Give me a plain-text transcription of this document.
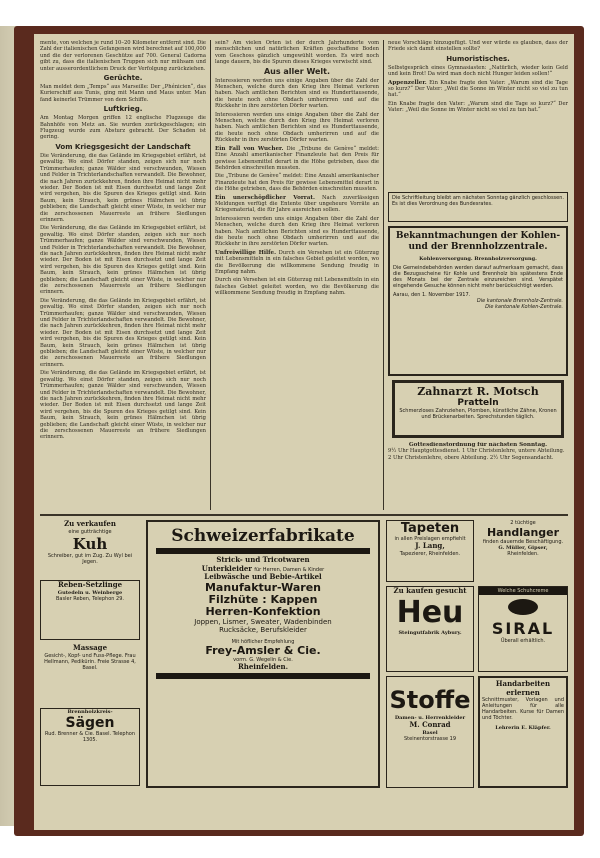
mente, von welchen je rund 10–20 Kilometer entfernt sind. Die Zahl der italienischen Gefangenen wird berechnet auf 100,000 und die der verlorenen Geschütze auf 700. General Cadorna gibt zu, dass die italienischen Truppen sich nur mühsam und unter ausserordentlichem Druck der Verfolgung zurückziehen.

Gerüchte.

Man meldet dem „Temps“ aus Marseille: Der „Phénicien“, das Kurierschiff aus Tunis, ging mit Mann und Maus unter. Man fand keinerlei Trümmer von dem Schiffe.

Luftkrieg.

Am Montag Morgen griffen 12 englische Flugzeuge die Bahnhöfe von Metz an. Sie wurden zurückgeschlagen; ein Flugzeug wurde zum Absturz gebracht. Der Schaden ist gering.

Vom Kriegsgesicht der Landschaft

Die Veränderung, die das Gelände im Kriegsgebiet erfährt, ist gewaltig. Wo einst Dörfer standen, zeigen sich nur noch Trümmerhaufen; ganze Wälder sind verschwunden, Wiesen und Felder in Trichterlandschaften verwandelt. Die Bewohner, die nach Jahren zurückkehren, finden ihre Heimat nicht mehr wieder. Der Boden ist mit Eisen durchsetzt und lange Zeit wird vergehen, bis die Spuren des Krieges getilgt sind. Kein Baum, kein Strauch, kein grünes Hälmchen ist übrig geblieben; die Landschaft gleicht einer Wüste, in welcher nur die zerschossenen Mauerreste an frühere Siedlungen erinnern.

Die Veränderung, die das Gelände im Kriegsgebiet erfährt, ist gewaltig. Wo einst Dörfer standen, zeigen sich nur noch Trümmerhaufen; ganze Wälder sind verschwunden, Wiesen und Felder in Trichterlandschaften verwandelt. Die Bewohner, die nach Jahren zurückkehren, finden ihre Heimat nicht mehr wieder. Der Boden ist mit Eisen durchsetzt und lange Zeit wird vergehen, bis die Spuren des Krieges getilgt sind. Kein Baum, kein Strauch, kein grünes Hälmchen ist übrig geblieben; die Landschaft gleicht einer Wüste, in welcher nur die zerschossenen Mauerreste an frühere Siedlungen erinnern.

Die Veränderung, die das Gelände im Kriegsgebiet erfährt, ist gewaltig. Wo einst Dörfer standen, zeigen sich nur noch Trümmerhaufen; ganze Wälder sind verschwunden, Wiesen und Felder in Trichterlandschaften verwandelt. Die Bewohner, die nach Jahren zurückkehren, finden ihre Heimat nicht mehr wieder. Der Boden ist mit Eisen durchsetzt und lange Zeit wird vergehen, bis die Spuren des Krieges getilgt sind. Kein Baum, kein Strauch, kein grünes Hälmchen ist übrig geblieben; die Landschaft gleicht einer Wüste, in welcher nur die zerschossenen Mauerreste an frühere Siedlungen erinnern.

Die Veränderung, die das Gelände im Kriegsgebiet erfährt, ist gewaltig. Wo einst Dörfer standen, zeigen sich nur noch Trümmerhaufen; ganze Wälder sind verschwunden, Wiesen und Felder in Trichterlandschaften verwandelt. Die Bewohner, die nach Jahren zurückkehren, finden ihre Heimat nicht mehr wieder. Der Boden ist mit Eisen durchsetzt und lange Zeit wird vergehen, bis die Spuren des Krieges getilgt sind. Kein Baum, kein Strauch, kein grünes Hälmchen ist übrig geblieben; die Landschaft gleicht einer Wüste, in welcher nur die zerschossenen Mauerreste an frühere Siedlungen erinnern.

sein? Am vielen Orten ist der durch Jahrhunderte vom menschlichen und natürlichen Kräften geschaffene Boden vom Geschoss gänzlich umgewühlt worden. Es wird noch lange dauern, bis die Spuren dieses Krieges verwischt sind.

Aus aller Welt.

Interessieren werden uns einige Angaben über die Zahl der Menschen, welche durch den Krieg ihre Heimat verloren haben. Nach amtlichen Berichten sind es Hunderttausende, die heute noch ohne Obdach umherirren und auf die Rückkehr in ihre zerstörten Dörfer warten.

Interessieren werden uns einige Angaben über die Zahl der Menschen, welche durch den Krieg ihre Heimat verloren haben. Nach amtlichen Berichten sind es Hunderttausende, die heute noch ohne Obdach umherirren und auf die Rückkehr in ihre zerstörten Dörfer warten.

Ein Fall von Wucher. Die „Tribune de Genève“ meldet: Eine Anzahl amerikanischer Finanzleute hat den Preis für gewisse Lebensmittel derart in die Höhe getrieben, dass die Behörden einschreiten mussten.

Die „Tribune de Genève“ meldet: Eine Anzahl amerikanischer Finanzleute hat den Preis für gewisse Lebensmittel derart in die Höhe getrieben, dass die Behörden einschreiten mussten.

Ein unerschöpflicher Vorrat. Nach zuverlässigen Meldungen verfügt die Entente über ungeheure Vorräte an Kriegsmaterial, die für Jahre ausreichen sollen.

Interessieren werden uns einige Angaben über die Zahl der Menschen, welche durch den Krieg ihre Heimat verloren haben. Nach amtlichen Berichten sind es Hunderttausende, die heute noch ohne Obdach umherirren und auf die Rückkehr in ihre zerstörten Dörfer warten.

Unfreiwillige Hilfe. Durch ein Versehen ist ein Güterzug mit Lebensmitteln in ein falsches Gebiet geleitet worden, wo die Bevölkerung die willkommene Sendung freudig in Empfang nahm.

Durch ein Versehen ist ein Güterzug mit Lebensmitteln in ein falsches Gebiet geleitet worden, wo die Bevölkerung die willkommene Sendung freudig in Empfang nahm.

neue Vorschläge hinzugefügt. Und wer würde es glauben, dass der Friede sich damit einstellen sollte?

Humoristisches.

Selbstgespräch eines Gymnasiasten: „Natürlich, wieder kein Geld und kein Brot! Da wird man doch nicht Hunger leiden sollen!“

Appenzeller. Ein Knabe fragte den Vater: „Warum sind die Tage so kurz?“ Der Vater: „Weil die Sonne im Winter nicht so viel zu tun hat.“

Ein Knabe fragte den Vater: „Warum sind die Tage so kurz?“ Der Vater: „Weil die Sonne im Winter nicht so viel zu tun hat.“

Die Schriftleitung bleibt am nächsten Sonntag gänzlich geschlossen. Es ist dies Verordnung des Bundesrates.
Bekanntmachungen der Kohlen- und der Brennholzzentrale.
Kohlenversorgung. Brennholzversorgung.
Die Gemeindebehörden werden darauf aufmerksam gemacht, dass die Bezugsscheine für Kohle und Brennholz bis spätestens Ende des Monats bei der Zentrale einzureichen sind. Verspätet eingehende Gesuche können nicht mehr berücksichtigt werden.
Aarau, den 1. November 1917.
Die kantonale Brennholz-Zentrale.
Die kantonale Kohlen-Zentrale.
Zahnarzt R. Motsch
Pratteln
Schmerzloses Zahnziehen, Plomben, künstliche Zähne, Kronen und Brückenarbeiten. Sprechstunden täglich.
Gottesdienstordnung für nächsten Sonntag.

9½ Uhr Hauptgottesdienst. 1 Uhr Christenlehre, untere Abteilung. 2 Uhr Christenlehre, obere Abteilung. 2½ Uhr Segensandacht.

Zu verkaufen
eine gutträchtige
Kuh
Schreiber, gut im Zug. Zu Wyl bei Jegen.
Reben-Setzlinge
Gutedeln u. Weinberge
Basler Reben, Telephon 29.
Massage
Gesicht-, Kopf- und Fuss-Pflege. Frau Hellmann, Pedikürin. Freie Strasse 4, Basel.
Brennholzkreis-
Sägen
Rud. Brenner & Cie. Basel. Telephon 1305.
Schweizerfabrikate
Strick- und Tricotwaren
Unterkleider für Herren, Damen & Kinder
Leibwäsche und Bebie-Artikel
Manufaktur-Waren
Filzhüte : Kappen
Herren-Konfektion
Joppen, Lismer, Sweater, Wadenbinden
Rucksäcke, Berufskleider
Mit höflicher Empfehlung
Frey-Amsler & Cie.
vorm. G. Wegelin & Cie.
Rheinfelden.
Tapeten
in allen Preislagen empfiehlt
J. Lang,
Tapezierer, Rheinfelden.
2 tüchtige
Handlanger
finden dauernde Beschäftigung.
G. Müller, Gipser,
Rheinfelden.
Zu kaufen gesucht
Heu
Steingutfabrik Aybury.
Welche Schuhcreme
SIRAL
Überall erhältlich.
Stoffe
Damen- u. Herrenkleider
M. Conrad
Basel
Steinentorstrasse 19
Handarbeiten erlernen
Schnittmuster, Vorlagen und Anleitungen für alle Handarbeiten. Kurse für Damen und Töchter.
Lehrerin E. Kläpfer.
